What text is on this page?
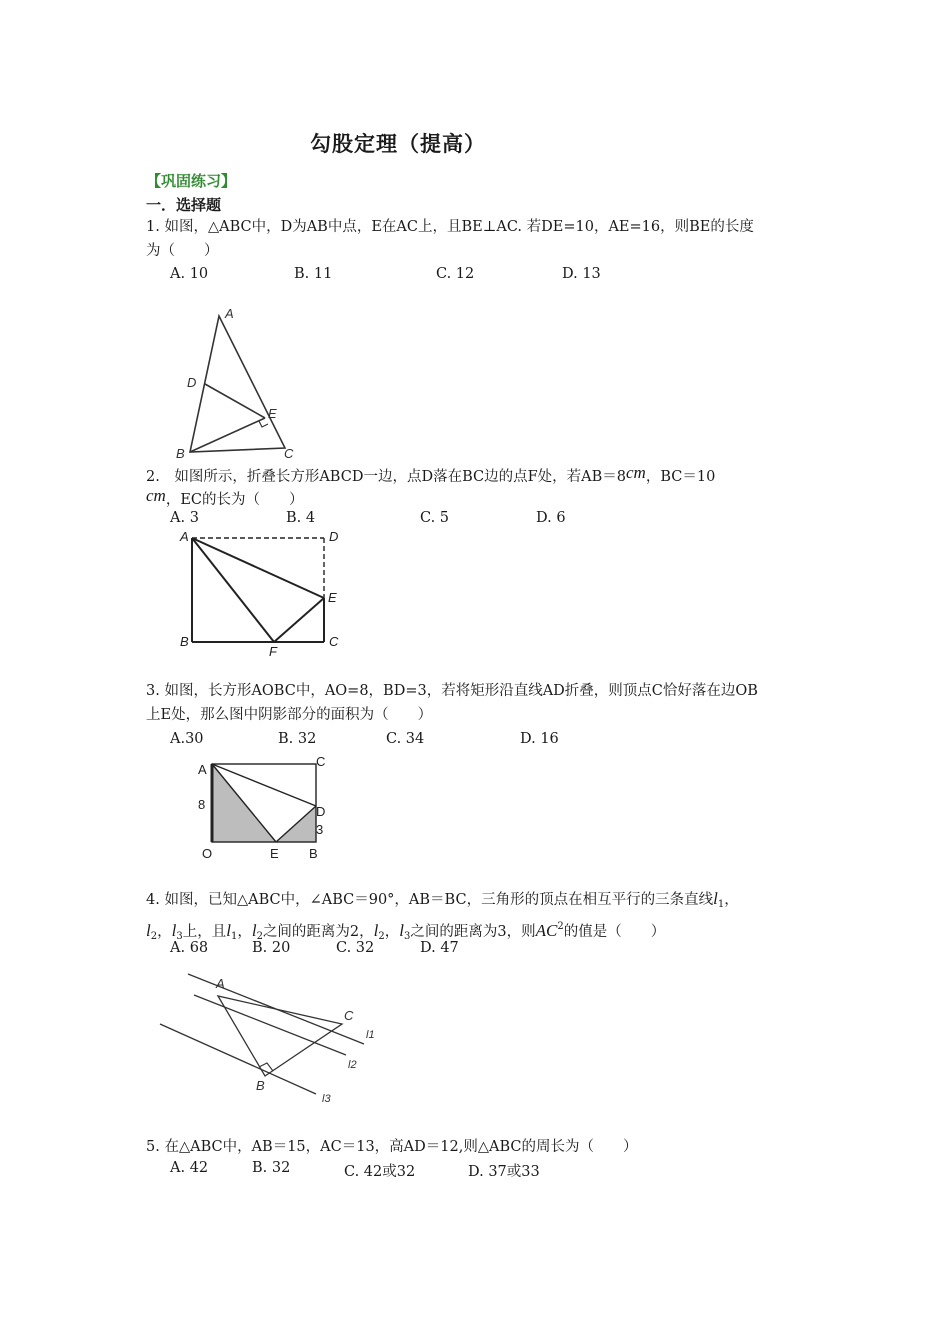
勾股定理（提高）
【巩固练习】
一．选择题
1. 如图，△ABC中，D为AB中点，E在AC上，且BE⊥AC. 若DE=10，AE=16，则BE的长度
为（　　）
A. 10	B. 11	C. 12	D. 13
A
D
E
B	C
2.　如图所示，折叠长方形ABCD一边，点D落在BC边的点F处，若AB＝8cm，BC＝10
cm，EC的长为（　　）
A. 3	B. 4	C. 5	D. 6
A	D
E
B
F
C
3. 如图，长方形AOBC中，AO=8，BD=3，若将矩形沿直线AD折叠，则顶点C恰好落在边OB
上E处，那么图中阴影部分的面积为（　　）
A.30	B. 32	C. 34	D. 16
A
C
8	D
3
O	E B
4. 如图，已知△ABC中，∠ABC＝90°，AB＝BC，三角形的顶点在相互平行的三条直线$l_1$，
$l_2$，$l_3$上，且$l_1$，$l_2$之间的距离为2，$l_2$，$l_3$之间的距离为3，则$AC^2$的值是（　　）
A. 68	B. 20	C. 32	D. 47
A
C
B
l1
l2
l3
5. 在△ABC中，AB＝15，AC＝13，高AD＝12,则△ABC的周长为（　　）
A. 42	B. 32	C. 42或32	D. 37或33
